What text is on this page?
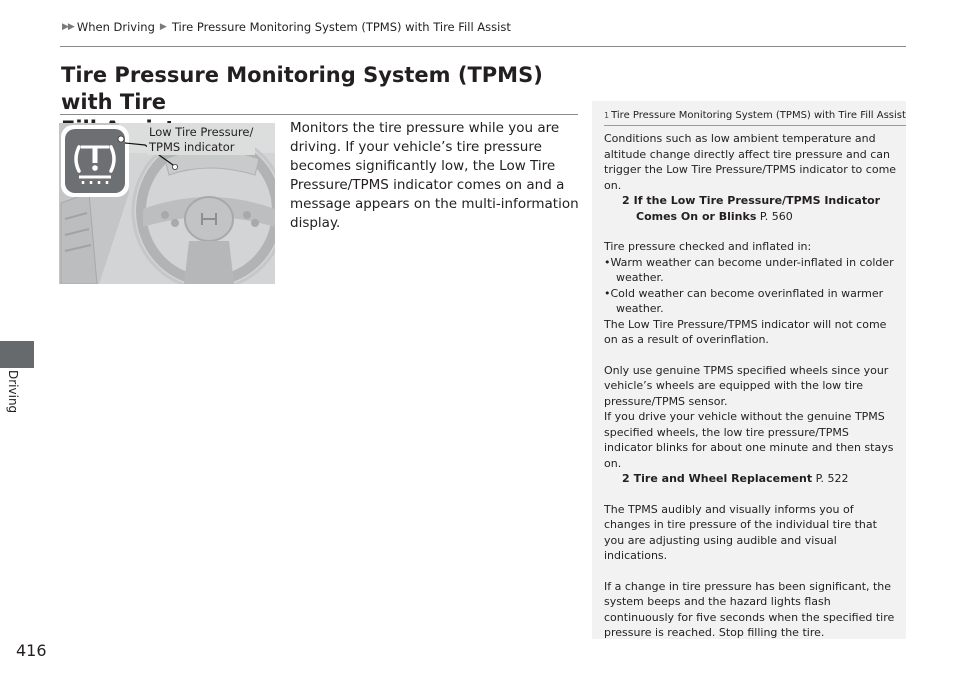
▶▶ When Driving ▶ Tire Pressure Monitoring System (TPMS) with Tire Fill Assist
Driving
416
Tire Pressure Monitoring System (TPMS) with Tire
Low Tire Pressure/
TPMS indicator
Monitors the tire pressure while you are driving. If your vehicle’s tire pressure becomes significantly low, the Low Tire Pressure/TPMS indicator comes on and a message appears on the multi-information display.
1 Tire Pressure Monitoring System (TPMS) with Tire Fill Assist

Conditions such as low ambient temperature and altitude change directly affect tire pressure and can trigger the Low Tire Pressure/TPMS indicator to come on.

2 If the Low Tire Pressure/TPMS Indicator

Comes On or Blinks P. 560

Tire pressure checked and inflated in:

•Warm weather can become under-inflated in colder weather.

•Cold weather can become overinflated in warmer weather.

The Low Tire Pressure/TPMS indicator will not come on as a result of overinflation.

Only use genuine TPMS specified wheels since your vehicle’s wheels are equipped with the low tire pressure/TPMS sensor.

If you drive your vehicle without the genuine TPMS specified wheels, the low tire pressure/TPMS indicator blinks for about one minute and then stays on.

2 Tire and Wheel Replacement P. 522

The TPMS audibly and visually informs you of changes in tire pressure of the individual tire that you are adjusting using audible and visual indications.

If a change in tire pressure has been significant, the system beeps and the hazard lights flash continuously for five seconds when the specified tire pressure is reached. Stop filling the tire.
